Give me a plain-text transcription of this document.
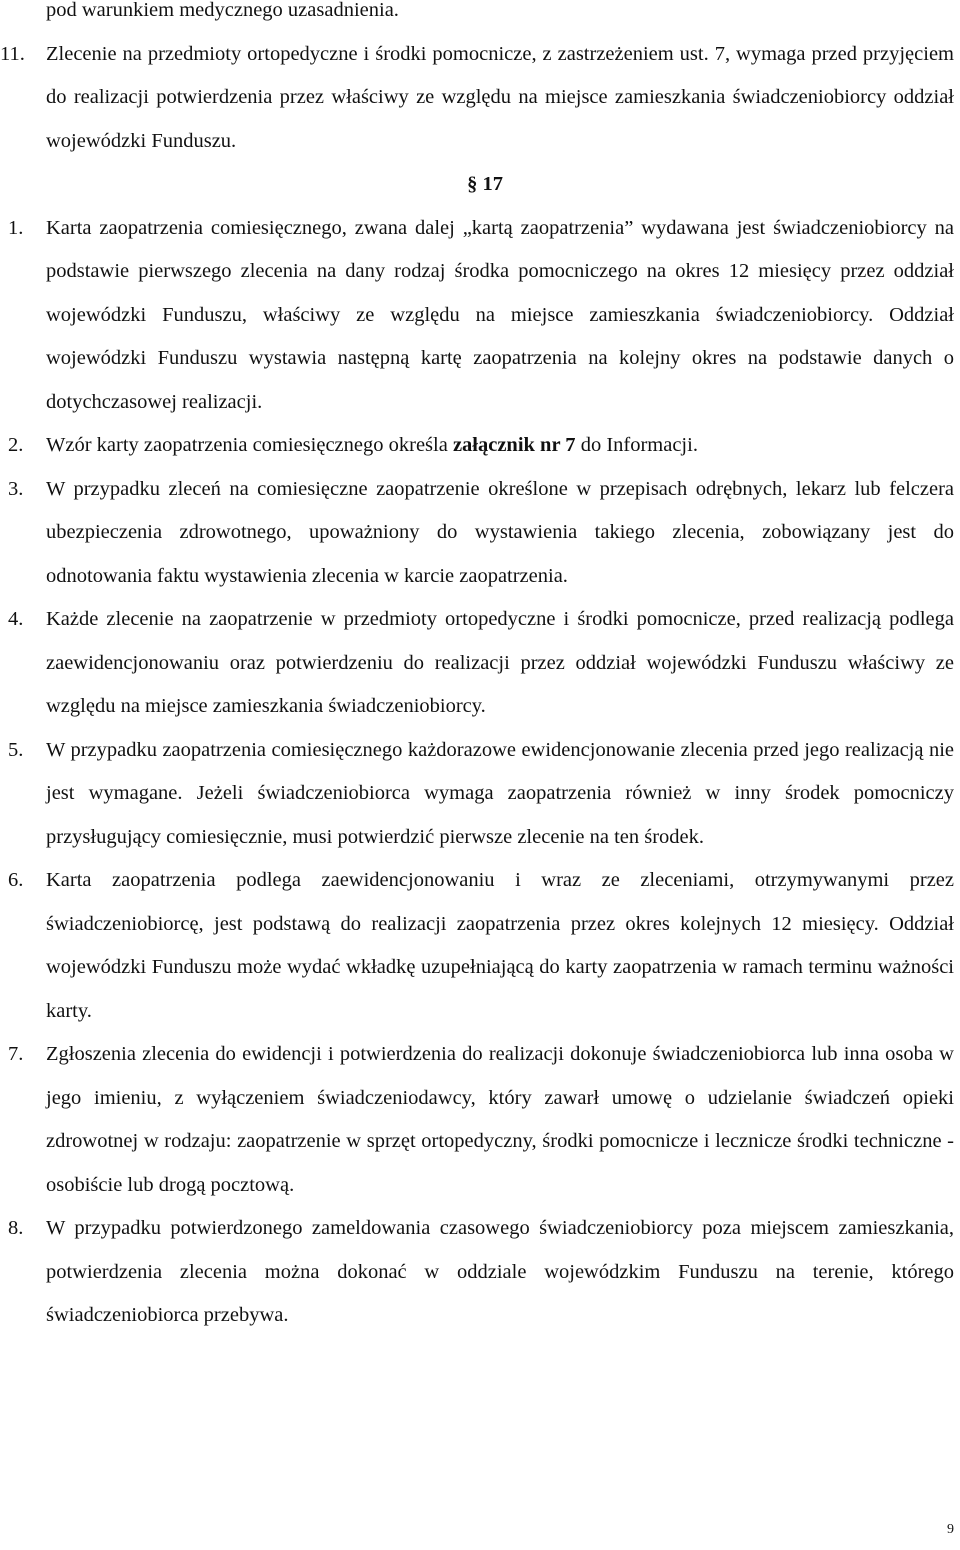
pod warunkiem medycznego uzasadnienia.
11.	Zlecenie na przedmioty ortopedyczne i środki pomocnicze, z zastrzeżeniem ust. 7, wymaga przed przyjęciem do realizacji potwierdzenia przez właściwy ze względu na miejsce zamieszkania świadczeniobiorcy oddział wojewódzki Funduszu.
§ 17
1.	Karta zaopatrzenia comiesięcznego, zwana dalej „kartą zaopatrzenia” wydawana jest świadczeniobiorcy na podstawie pierwszego zlecenia na dany rodzaj środka pomocniczego na okres 12 miesięcy przez oddział wojewódzki Funduszu, właściwy ze względu na miejsce zamieszkania świadczeniobiorcy. Oddział wojewódzki Funduszu wystawia następną kartę zaopatrzenia na kolejny okres na podstawie danych o dotychczasowej realizacji.
2.	Wzór karty zaopatrzenia comiesięcznego określa załącznik nr 7 do Informacji.
3.	W przypadku zleceń na comiesięczne zaopatrzenie określone w przepisach odrębnych, lekarz lub felczera ubezpieczenia zdrowotnego, upoważniony do wystawienia takiego zlecenia, zobowiązany jest do odnotowania faktu wystawienia zlecenia w karcie zaopatrzenia.
4.	Każde zlecenie na zaopatrzenie w przedmioty ortopedyczne i środki pomocnicze, przed realizacją podlega zaewidencjonowaniu oraz potwierdzeniu do realizacji przez oddział wojewódzki Funduszu właściwy ze względu na miejsce zamieszkania świadczeniobiorcy.
5.	W przypadku zaopatrzenia comiesięcznego każdorazowe ewidencjonowanie zlecenia przed jego realizacją nie jest wymagane. Jeżeli świadczeniobiorca wymaga zaopatrzenia również w inny środek pomocniczy przysługujący comiesięcznie, musi potwierdzić pierwsze zlecenie na ten środek.
6.	Karta zaopatrzenia podlega zaewidencjonowaniu i wraz ze zleceniami, otrzymywanymi przez świadczeniobiorcę, jest podstawą do realizacji zaopatrzenia przez okres kolejnych 12 miesięcy. Oddział wojewódzki Funduszu może wydać wkładkę uzupełniającą do karty zaopatrzenia w ramach terminu ważności karty.
7.	Zgłoszenia zlecenia do ewidencji i potwierdzenia do realizacji dokonuje świadczeniobiorca lub inna osoba w jego imieniu, z wyłączeniem świadczeniodawcy, który zawarł umowę o udzielanie świadczeń opieki zdrowotnej w rodzaju: zaopatrzenie w sprzęt ortopedyczny, środki pomocnicze i lecznicze środki techniczne - osobiście lub drogą pocztową.
8.	W przypadku potwierdzonego zameldowania czasowego świadczeniobiorcy poza miejscem zamieszkania, potwierdzenia zlecenia można dokonać w oddziale wojewódzkim Funduszu na terenie, którego świadczeniobiorca przebywa.
9
